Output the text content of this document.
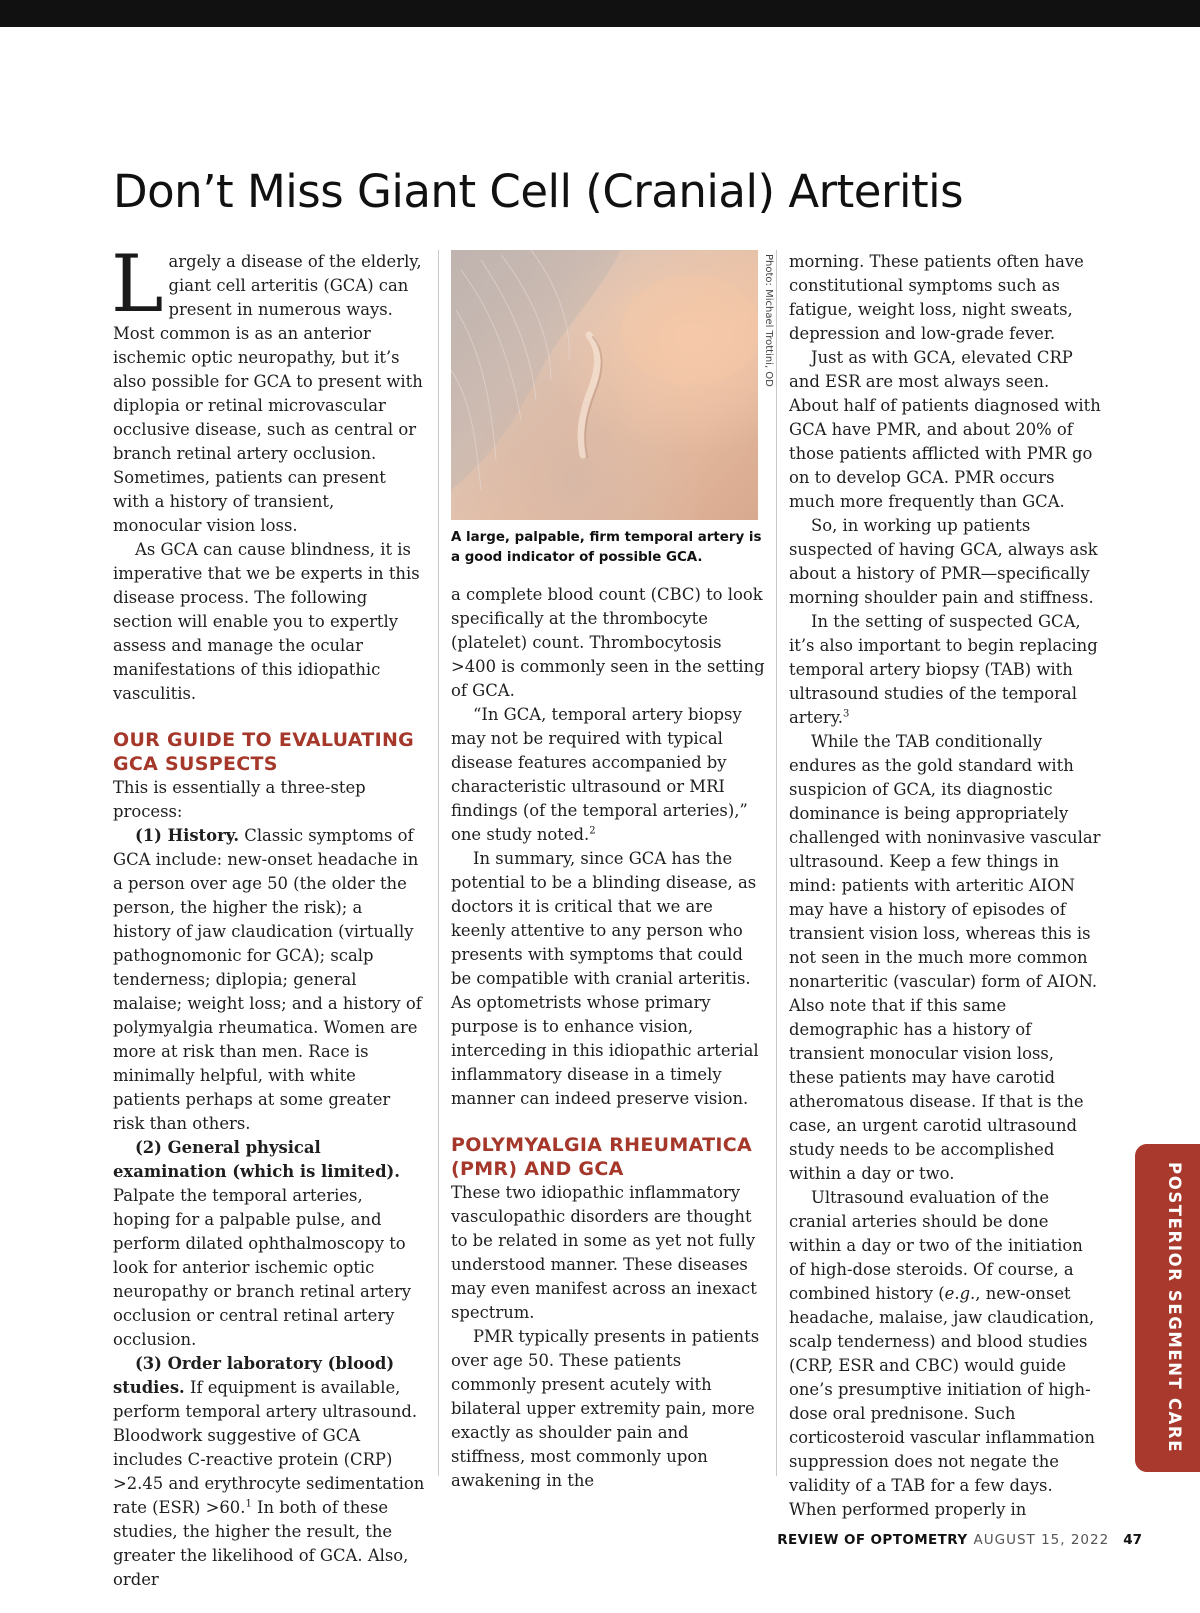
Don’t Miss Giant Cell (Cranial) Arteritis

Largely a disease of the elderly, giant cell arteritis (GCA) can present in numerous ways. Most common is as an anterior ischemic optic neuropathy, but it’s also possible for GCA to present with diplopia or retinal microvascular occlusive disease, such as central or branch retinal artery occlusion. Sometimes, patients can present with a history of transient, monocular vision loss.

As GCA can cause blindness, it is imperative that we be experts in this disease process. The following section will enable you to expertly assess and manage the ocular manifestations of this idiopathic vasculitis.

OUR GUIDE TO EVALUATING GCA SUSPECTS

This is essentially a three-step process:

(1) History. Classic symptoms of GCA include: new-onset headache in a person over age 50 (the older the person, the higher the risk); a history of jaw claudication (virtually pathognomonic for GCA); scalp tenderness; diplopia; general malaise; weight loss; and a history of polymyalgia rheumatica. Women are more at risk than men. Race is minimally helpful, with white patients perhaps at some greater risk than others.

(2) General physical examination (which is limited). Palpate the temporal arteries, hoping for a palpable pulse, and perform dilated ophthalmoscopy to look for anterior ischemic optic neuropathy or branch retinal artery occlusion or central retinal artery occlusion.

(3) Order laboratory (blood) studies. If equipment is available, perform temporal artery ultrasound. Bloodwork suggestive of GCA includes C-reactive protein (CRP) >2.45 and erythrocyte sedimentation rate (ESR) >60.$^1$ In both of these studies, the higher the result, the greater the likelihood of GCA. Also, order

Photo: Michael Trottini, OD

A large, palpable, firm temporal artery is a good indicator of possible GCA.

a complete blood count (CBC) to look specifically at the thrombocyte (platelet) count. Thrombocytosis >400 is commonly seen in the setting of GCA.

“In GCA, temporal artery biopsy may not be required with typical disease features accompanied by characteristic ultrasound or MRI findings (of the temporal arteries),” one study noted.$^2$

In summary, since GCA has the potential to be a blinding disease, as doctors it is critical that we are keenly attentive to any person who presents with symptoms that could be compatible with cranial arteritis. As optometrists whose primary purpose is to enhance vision, interceding in this idiopathic arterial inflammatory disease in a timely manner can indeed preserve vision.

POLYMYALGIA RHEUMATICA (PMR) AND GCA

These two idiopathic inflammatory vasculopathic disorders are thought to be related in some as yet not fully understood manner. These diseases may even manifest across an inexact spectrum.

PMR typically presents in patients over age 50. These patients commonly present acutely with bilateral upper extremity pain, more exactly as shoulder pain and stiffness, most commonly upon awakening in the

morning. These patients often have constitutional symptoms such as fatigue, weight loss, night sweats, depression and low-grade fever.

Just as with GCA, elevated CRP and ESR are most always seen. About half of patients diagnosed with GCA have PMR, and about 20% of those patients afflicted with PMR go on to develop GCA. PMR occurs much more frequently than GCA.

So, in working up patients suspected of having GCA, always ask about a history of PMR—specifically morning shoulder pain and stiffness.

In the setting of suspected GCA, it’s also important to begin replacing temporal artery biopsy (TAB) with ultrasound studies of the temporal artery.$^3$

While the TAB conditionally endures as the gold standard with suspicion of GCA, its diagnostic dominance is being appropriately challenged with noninvasive vascular ultrasound. Keep a few things in mind: patients with arteritic AION may have a history of episodes of transient vision loss, whereas this is not seen in the much more common nonarteritic (vascular) form of AION. Also note that if this same demographic has a history of transient monocular vision loss, these patients may have carotid atheromatous disease. If that is the case, an urgent carotid ultrasound study needs to be accomplished within a day or two.

Ultrasound evaluation of the cranial arteries should be done within a day or two of the initiation of high-dose steroids. Of course, a combined history (e.g., new-onset headache, malaise, jaw claudication, scalp tenderness) and blood studies (CRP, ESR and CBC) would guide one’s presumptive initiation of high-dose oral prednisone. Such corticosteroid vascular inflammation suppression does not negate the validity of a TAB for a few days. When performed properly in

POSTERIOR SEGMENT CARE
REVIEW OF OPTOMETRY AUGUST 15, 2022 47
